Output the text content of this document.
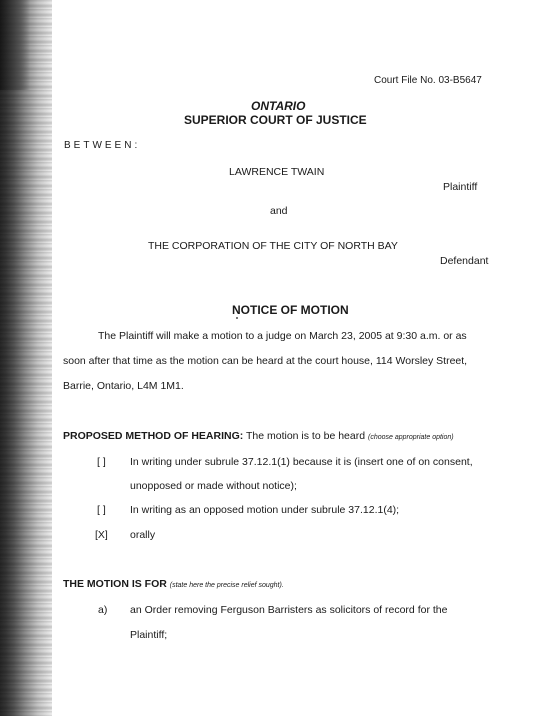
Court File No. 03-B5647
ONTARIO
SUPERIOR COURT OF JUSTICE
BETWEEN:
LAWRENCE TWAIN
Plaintiff
and
THE CORPORATION OF THE CITY OF NORTH BAY
Defendant
NOTICE OF MOTION
The Plaintiff will make a motion to a judge on March 23, 2005 at 9:30 a.m. or as
soon after that time as the motion can be heard at the court house, 114 Worsley Street,
Barrie, Ontario, L4M 1M1.
PROPOSED METHOD OF HEARING: The motion is to be heard (choose appropriate option)
[ ] In writing under subrule 37.12.1(1) because it is (insert one of on consent,
unopposed or made without notice);
[ ] In writing as an opposed motion under subrule 37.12.1(4);
[X] orally
THE MOTION IS FOR (state here the precise relief sought).
a) an Order removing Ferguson Barristers as solicitors of record for the
Plaintiff;
